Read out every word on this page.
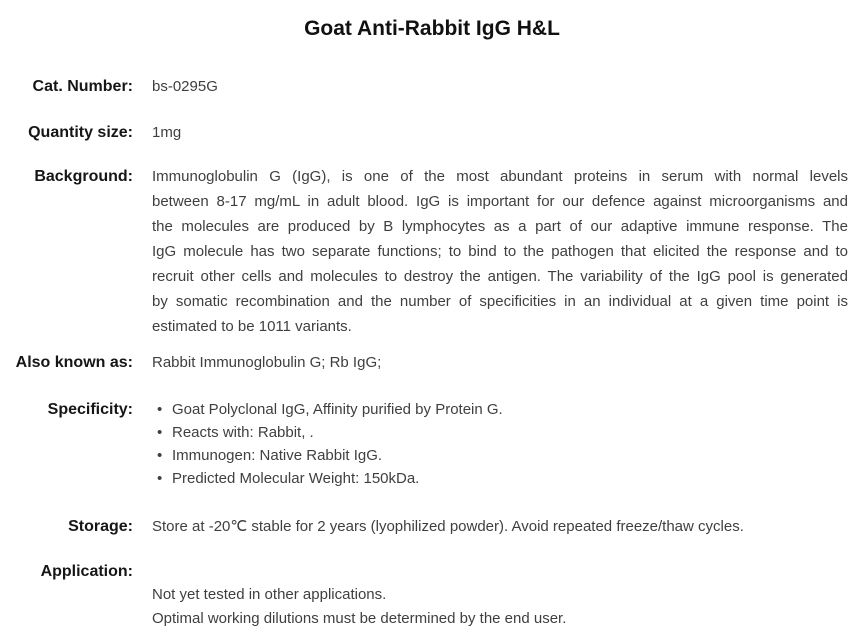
Goat Anti-Rabbit IgG H&L
Cat. Number: bs-0295G
Quantity size: 1mg
Background: Immunoglobulin G (IgG), is one of the most abundant proteins in serum with normal levels
between 8-17 mg/mL in adult blood. IgG is important for our defence against microorganisms and
the molecules are produced by B lymphocytes as a part of our adaptive immune response. The
IgG molecule has two separate functions; to bind to the pathogen that elicited the response and to
recruit other cells and molecules to destroy the antigen. The variability of the IgG pool is generated
by somatic recombination and the number of specificities in an individual at a given time point is
estimated to be 1011 variants.
Also known as: Rabbit Immunoglobulin G; Rb IgG;
Specificity:	• Goat Polyclonal IgG, Affinity purified by Protein G.
• Reacts with: Rabbit, .
• Immunogen: Native Rabbit IgG.
• Predicted Molecular Weight: 150kDa.
Storage: Store at -20℃ stable for 2 years (lyophilized powder). Avoid repeated freeze/thaw cycles.
Application:
Not yet tested in other applications.
Optimal working dilutions must be determined by the end user.
